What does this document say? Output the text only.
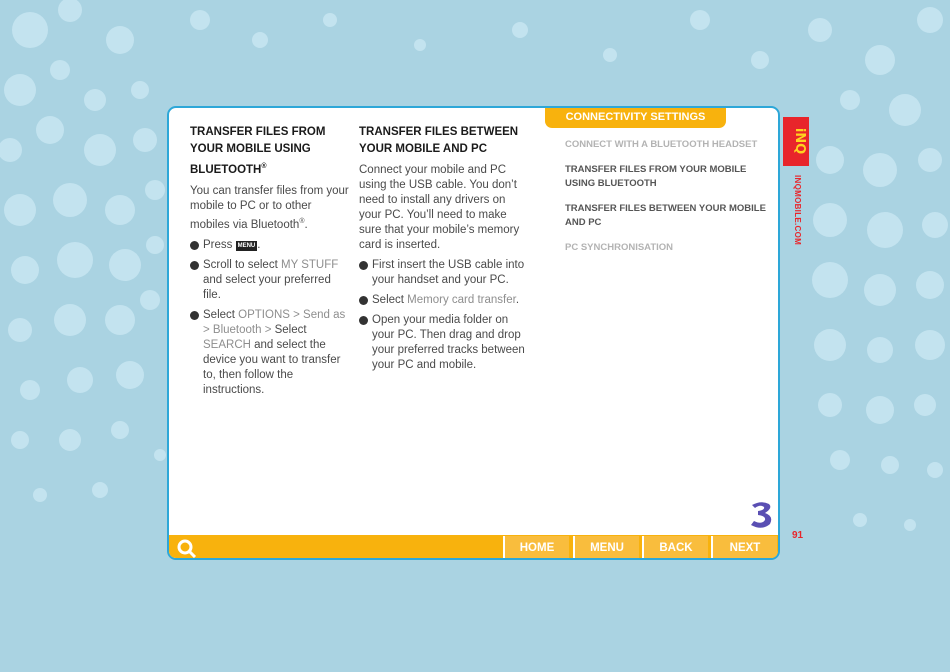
TRANSFER FILES FROM YOUR MOBILE USING BLUETOOTH®

You can transfer files from your mobile to PC or to other mobiles via Bluetooth®.

Press MENU .
Scroll to select MY STUFF and select your preferred file.
Select OPTIONS > Send as > Bluetooth > Select SEARCH and select the device you want to transfer to, then follow the instructions.
TRANSFER FILES BETWEEN YOUR MOBILE AND PC

Connect your mobile and PC using the USB cable. You don’t need to install any drivers on your PC. You’ll need to make sure that your mobile’s memory card is inserted.

First insert the USB cable into your handset and your PC.
Select Memory card transfer.
Open your media folder on your PC. Then drag and drop your preferred tracks between your PC and mobile.
CONNECTIVITY SETTINGS
CONNECT WITH A BLUETOOTH HEADSET
TRANSFER FILES FROM YOUR MOBILE USING BLUETOOTH
TRANSFER FILES BETWEEN YOUR MOBILE AND PC
PC SYNCHRONISATION
HOME	MENU	BACK	NEXT
iNQ
INQMOBILE.COM
91
